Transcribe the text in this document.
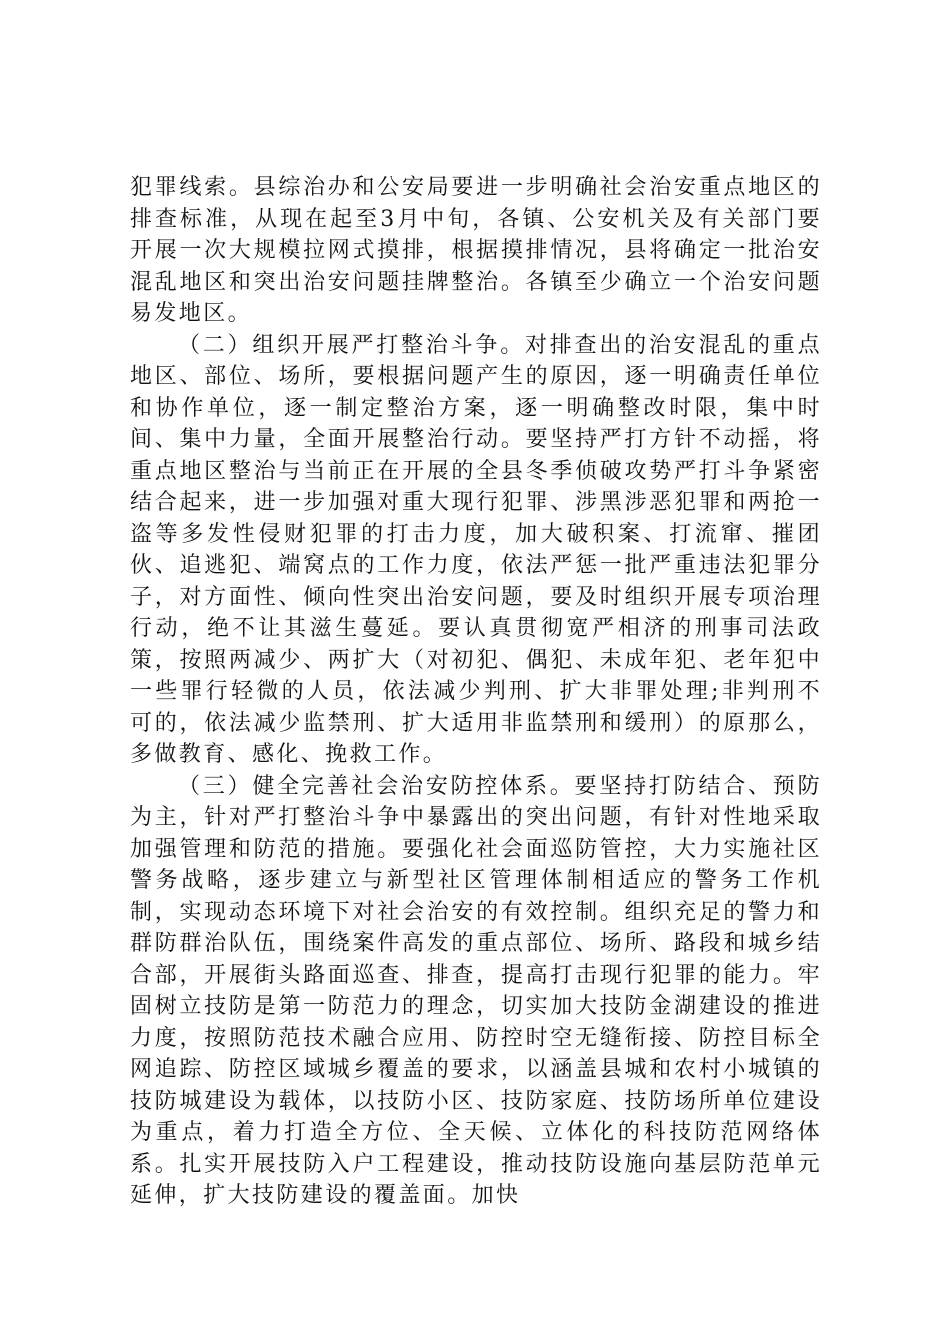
犯罪线索。县综治办和公安局要进一步明确社会治安重点地区的排查标准，从现在起至3月中旬，各镇、公安机关及有关部门要开展一次大规模拉网式摸排，根据摸排情况，县将确定一批治安混乱地区和突出治安问题挂牌整治。各镇至少确立一个治安问题易发地区。

（二）组织开展严打整治斗争。对排查出的治安混乱的重点地区、部位、场所，要根据问题产生的原因，逐一明确责任单位和协作单位，逐一制定整治方案，逐一明确整改时限，集中时间、集中力量，全面开展整治行动。要坚持严打方针不动摇，将重点地区整治与当前正在开展的全县冬季侦破攻势严打斗争紧密结合起来，进一步加强对重大现行犯罪、涉黑涉恶犯罪和两抢一盗等多发性侵财犯罪的打击力度，加大破积案、打流窜、摧团伙、追逃犯、端窝点的工作力度，依法严惩一批严重违法犯罪分子，对方面性、倾向性突出治安问题，要及时组织开展专项治理行动，绝不让其滋生蔓延。要认真贯彻宽严相济的刑事司法政策，按照两减少、两扩大（对初犯、偶犯、未成年犯、老年犯中一些罪行轻微的人员，依法减少判刑、扩大非罪处理;非判刑不可的，依法减少监禁刑、扩大适用非监禁刑和缓刑）的原那么，多做教育、感化、挽救工作。

（三）健全完善社会治安防控体系。要坚持打防结合、预防为主，针对严打整治斗争中暴露出的突出问题，有针对性地采取加强管理和防范的措施。要强化社会面巡防管控，大力实施社区警务战略，逐步建立与新型社区管理体制相适应的警务工作机制，实现动态环境下对社会治安的有效控制。组织充足的警力和群防群治队伍，围绕案件高发的重点部位、场所、路段和城乡结合部，开展街头路面巡查、排查，提高打击现行犯罪的能力。牢固树立技防是第一防范力的理念，切实加大技防金湖建设的推进力度，按照防范技术融合应用、防控时空无缝衔接、防控目标全网追踪、防控区域城乡覆盖的要求，以涵盖县城和农村小城镇的技防城建设为载体，以技防小区、技防家庭、技防场所单位建设为重点，着力打造全方位、全天候、立体化的科技防范网络体系。扎实开展技防入户工程建设，推动技防设施向基层防范单元延伸，扩大技防建设的覆盖面。加快
